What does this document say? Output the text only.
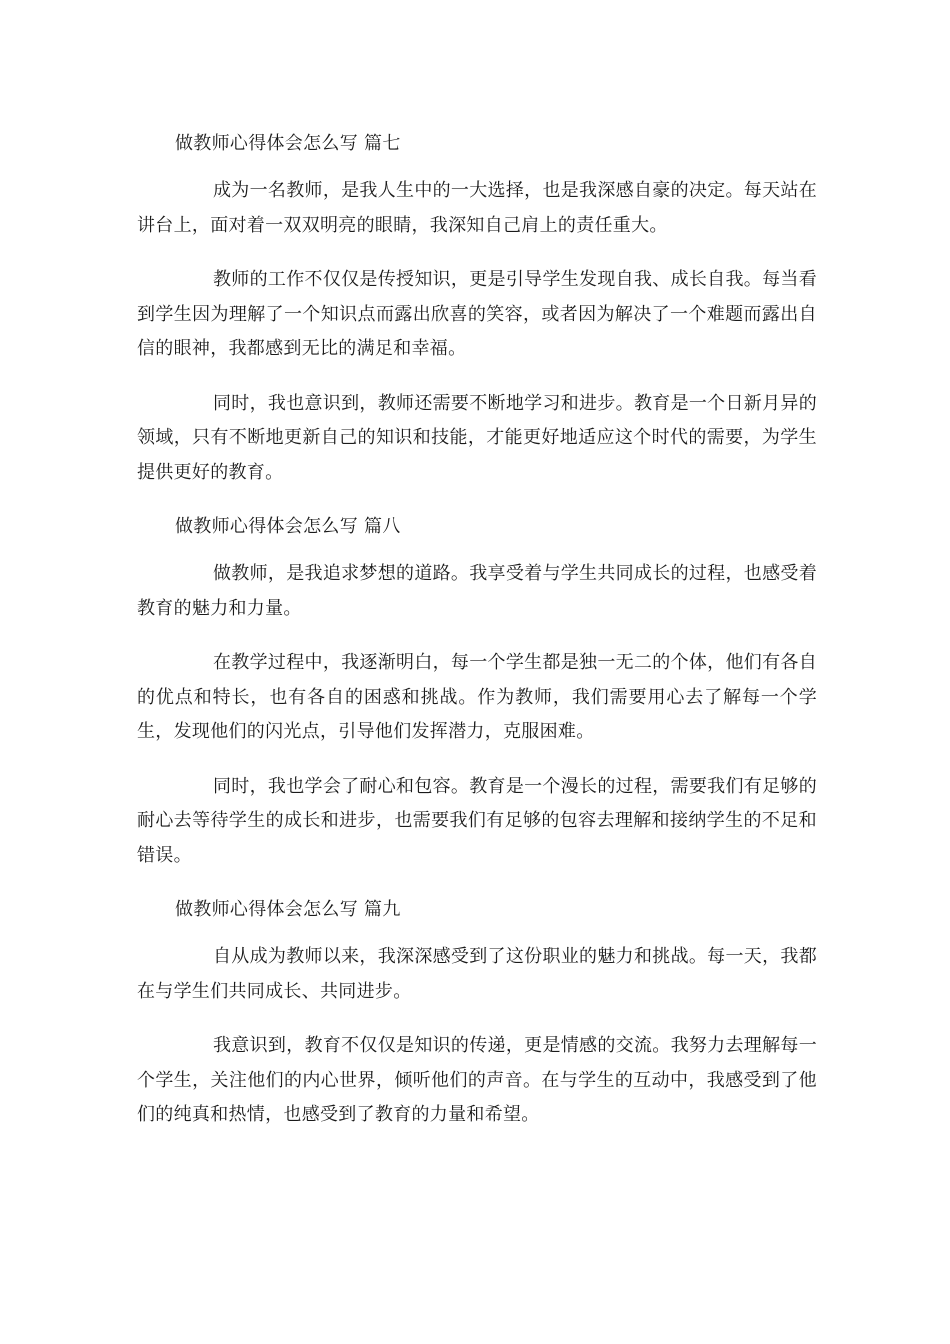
做教师心得体会怎么写 篇七

成为一名教师，是我人生中的一大选择，也是我深感自豪的决定。每天站在讲台上，面对着一双双明亮的眼睛，我深知自己肩上的责任重大。

教师的工作不仅仅是传授知识，更是引导学生发现自我、成长自我。每当看到学生因为理解了一个知识点而露出欣喜的笑容，或者因为解决了一个难题而露出自信的眼神，我都感到无比的满足和幸福。

同时，我也意识到，教师还需要不断地学习和进步。教育是一个日新月异的领域，只有不断地更新自己的知识和技能，才能更好地适应这个时代的需要，为学生提供更好的教育。

做教师心得体会怎么写 篇八

做教师，是我追求梦想的道路。我享受着与学生共同成长的过程，也感受着教育的魅力和力量。

在教学过程中，我逐渐明白，每一个学生都是独一无二的个体，他们有各自的优点和特长，也有各自的困惑和挑战。作为教师，我们需要用心去了解每一个学生，发现他们的闪光点，引导他们发挥潜力，克服困难。

同时，我也学会了耐心和包容。教育是一个漫长的过程，需要我们有足够的耐心去等待学生的成长和进步，也需要我们有足够的包容去理解和接纳学生的不足和错误。

做教师心得体会怎么写 篇九

自从成为教师以来，我深深感受到了这份职业的魅力和挑战。每一天，我都在与学生们共同成长、共同进步。

我意识到，教育不仅仅是知识的传递，更是情感的交流。我努力去理解每一个学生，关注他们的内心世界，倾听他们的声音。在与学生的互动中，我感受到了他们的纯真和热情，也感受到了教育的力量和希望。
